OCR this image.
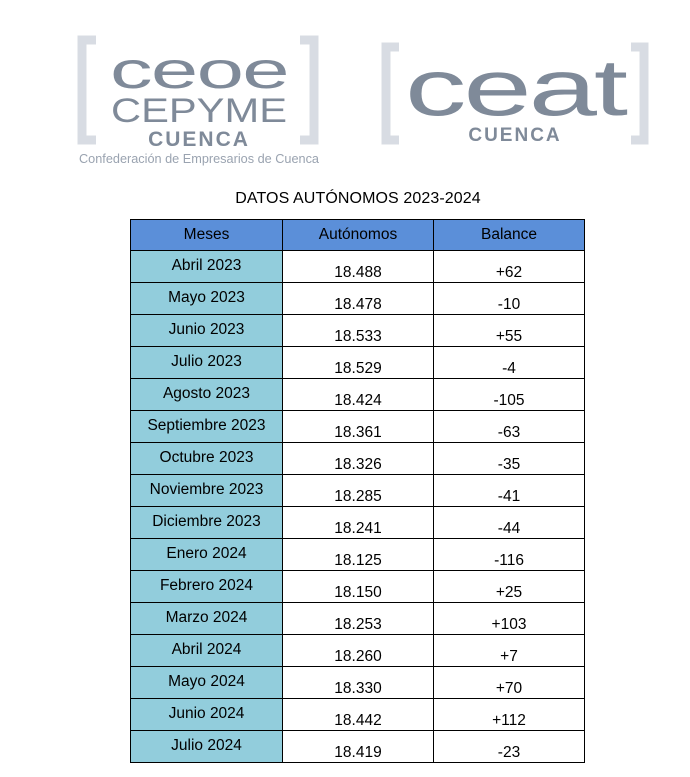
ceoe
CEPYME
CUENCA
Confederación de Empresarios de Cuenca
ceat
CUENCA
DATOS AUTÓNOMOS 2023-2024
Meses	Autónomos	Balance
Abril 2023	18.488	+62
Mayo 2023	18.478	-10
Junio 2023	18.533	+55
Julio 2023	18.529	-4
Agosto 2023	18.424	-105
Septiembre 2023	18.361	-63
Octubre 2023	18.326	-35
Noviembre 2023	18.285	-41
Diciembre 2023	18.241	-44
Enero 2024	18.125	-116
Febrero 2024	18.150	+25
Marzo 2024	18.253	+103
Abril 2024	18.260	+7
Mayo 2024	18.330	+70
Junio 2024	18.442	+112
Julio 2024	18.419	-23
